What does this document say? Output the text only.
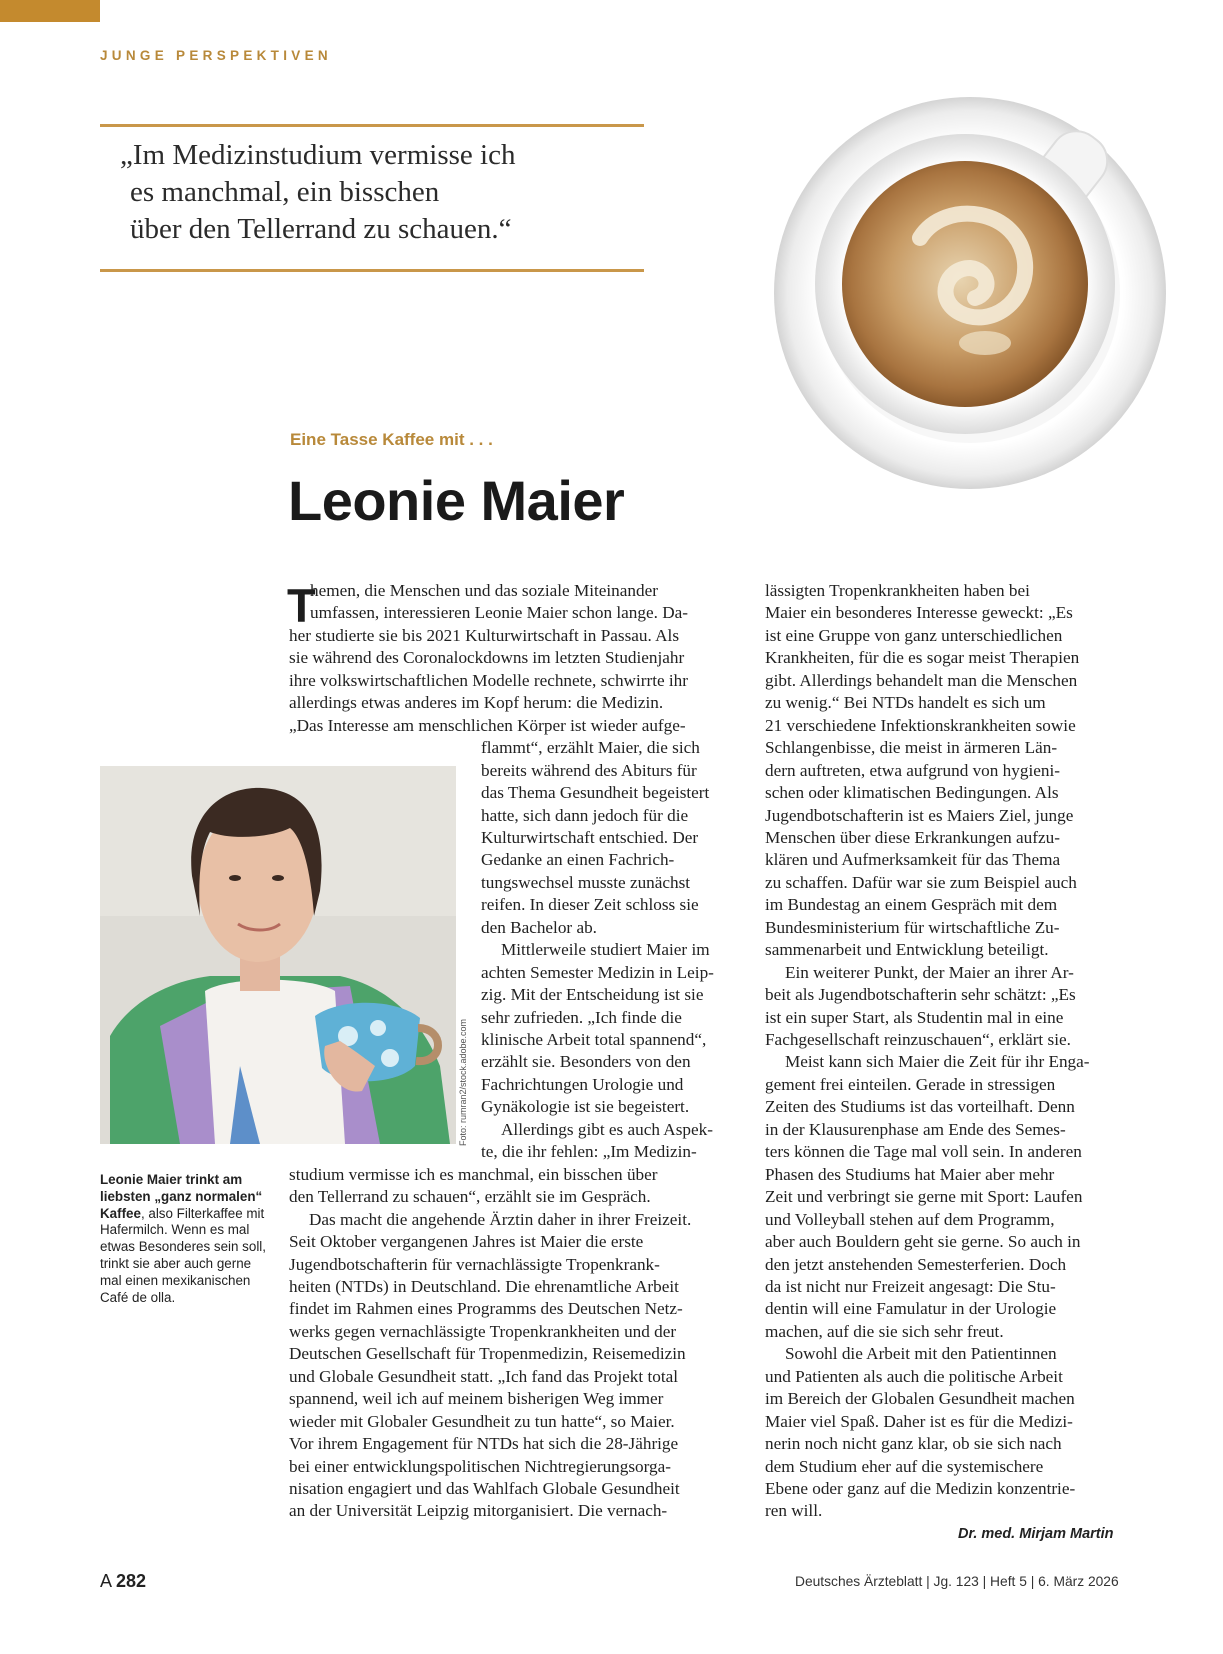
JUNGE PERSPEKTIVEN
„Im Medizinstudium vermisse ich
es manchmal, ein bisschen
über den Tellerrand zu schauen.“
Eine Tasse Kaffee mit . . .
Leonie Maier
Foto: rumran2/stock.adobe.com
Leonie Maier trinkt am liebsten „ganz normalen“ Kaffee, also Filterkaffee mit Hafermilch. Wenn es mal etwas Besonderes sein soll, trinkt sie aber auch gerne mal einen mexikanischen Café de olla.
T
hemen, die Menschen und das soziale Miteinander
umfassen, interessieren Leonie Maier schon lange. Da-
her studierte sie bis 2021 Kulturwirtschaft in Passau. Als
sie während des Coronalockdowns im letzten Studienjahr
ihre volkswirtschaftlichen Modelle rechnete, schwirrte ihr
allerdings etwas anderes im Kopf herum: die Medizin.
„Das Interesse am menschlichen Körper ist wieder aufge-
flammt“, erzählt Maier, die sich
bereits während des Abiturs für
das Thema Gesundheit begeistert
hatte, sich dann jedoch für die
Kulturwirtschaft entschied. Der
Gedanke an einen Fachrich-
tungswechsel musste zunächst
reifen. In dieser Zeit schloss sie
den Bachelor ab.
Mittlerweile studiert Maier im
achten Semester Medizin in Leip-
zig. Mit der Entscheidung ist sie
sehr zufrieden. „Ich finde die
klinische Arbeit total spannend“,
erzählt sie. Besonders von den
Fachrichtungen Urologie und
Gynäkologie ist sie begeistert.
Allerdings gibt es auch Aspek-
te, die ihr fehlen: „Im Medizin-
studium vermisse ich es manchmal, ein bisschen über
den Tellerrand zu schauen“, erzählt sie im Gespräch.
Das macht die angehende Ärztin daher in ihrer Freizeit.
Seit Oktober vergangenen Jahres ist Maier die erste
Jugendbotschafterin für vernachlässigte Tropenkrank-
heiten (NTDs) in Deutschland. Die ehrenamtliche Arbeit
findet im Rahmen eines Programms des Deutschen Netz-
werks gegen vernachlässigte Tropenkrankheiten und der
Deutschen Gesellschaft für Tropenmedizin, Reisemedizin
und Globale Gesundheit statt. „Ich fand das Projekt total
spannend, weil ich auf meinem bisherigen Weg immer
wieder mit Globaler Gesundheit zu tun hatte“, so Maier.
Vor ihrem Engagement für NTDs hat sich die 28-Jährige
bei einer entwicklungspolitischen Nichtregierungsorga-
nisation engagiert und das Wahlfach Globale Gesundheit
an der Universität Leipzig mitorganisiert. Die vernach-
lässigten Tropenkrankheiten haben bei
Maier ein besonderes Interesse geweckt: „Es
ist eine Gruppe von ganz unterschiedlichen
Krankheiten, für die es sogar meist Therapien
gibt. Allerdings behandelt man die Menschen
zu wenig.“ Bei NTDs handelt es sich um
21 verschiedene Infektionskrankheiten sowie
Schlangenbisse, die meist in ärmeren Län-
dern auftreten, etwa aufgrund von hygieni-
schen oder klimatischen Bedingungen. Als
Jugendbotschafterin ist es Maiers Ziel, junge
Menschen über diese Erkrankungen aufzu-
klären und Aufmerksamkeit für das Thema
zu schaffen. Dafür war sie zum Beispiel auch
im Bundestag an einem Gespräch mit dem
Bundesministerium für wirtschaftliche Zu-
sammenarbeit und Entwicklung beteiligt.
Ein weiterer Punkt, der Maier an ihrer Ar-
beit als Jugendbotschafterin sehr schätzt: „Es
ist ein super Start, als Studentin mal in eine
Fachgesellschaft reinzuschauen“, erklärt sie.
Meist kann sich Maier die Zeit für ihr Enga-
gement frei einteilen. Gerade in stressigen
Zeiten des Studiums ist das vorteilhaft. Denn
in der Klausurenphase am Ende des Semes-
ters können die Tage mal voll sein. In anderen
Phasen des Studiums hat Maier aber mehr
Zeit und verbringt sie gerne mit Sport: Laufen
und Volleyball stehen auf dem Programm,
aber auch Bouldern geht sie gerne. So auch in
den jetzt anstehenden Semesterferien. Doch
da ist nicht nur Freizeit angesagt: Die Stu-
dentin will eine Famulatur in der Urologie
machen, auf die sie sich sehr freut.
Sowohl die Arbeit mit den Patientinnen
und Patienten als auch die politische Arbeit
im Bereich der Globalen Gesundheit machen
Maier viel Spaß. Daher ist es für die Medizi-
nerin noch nicht ganz klar, ob sie sich nach
dem Studium eher auf die systemischere
Ebene oder ganz auf die Medizin konzentrie-
ren will.
Dr. med. Mirjam Martin
A 282	Deutsches Ärzteblatt | Jg. 123 | Heft 5 | 6. März 2026
